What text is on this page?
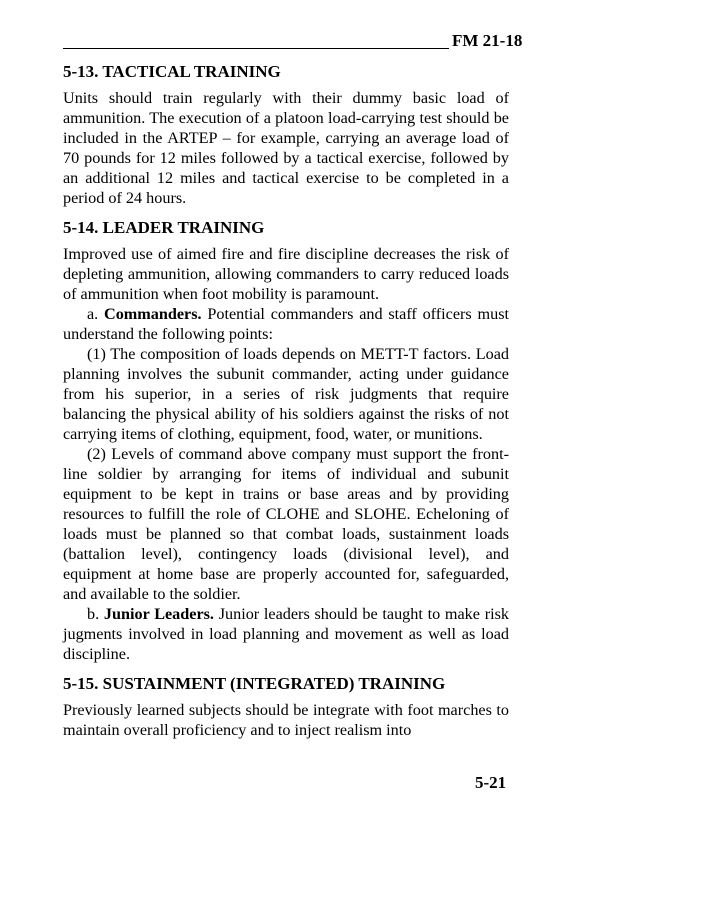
FM 21-18
5-13. TACTICAL TRAINING

Units should train regularly with their dummy basic load of ammunition. The execution of a platoon load-carrying test should be included in the ARTEP – for example, carrying an average load of 70 pounds for 12 miles followed by a tactical exercise, followed by an additional 12 miles and tactical exercise to be completed in a period of 24 hours.

5-14. LEADER TRAINING

Improved use of aimed fire and fire discipline decreases the risk of depleting ammunition, allowing commanders to carry reduced loads of ammunition when foot mobility is paramount.

a. Commanders. Potential commanders and staff officers must understand the following points:

(1) The composition of loads depends on METT-T factors. Load planning involves the subunit commander, acting under guidance from his superior, in a series of risk judgments that require balancing the physical ability of his soldiers against the risks of not carrying items of clothing, equipment, food, water, or munitions.

(2) Levels of command above company must support the front-line soldier by arranging for items of individual and subunit equipment to be kept in trains or base areas and by providing resources to fulfill the role of CLOHE and SLOHE. Echeloning of loads must be planned so that combat loads, sustainment loads (battalion level), contingency loads (divisional level), and equipment at home base are properly accounted for, safeguarded, and available to the soldier.

b. Junior Leaders. Junior leaders should be taught to make risk jugments involved in load planning and movement as well as load discipline.

5-15. SUSTAINMENT (INTEGRATED) TRAINING

Previously learned subjects should be integrate with foot marches to maintain overall proficiency and to inject realism into

5-21
